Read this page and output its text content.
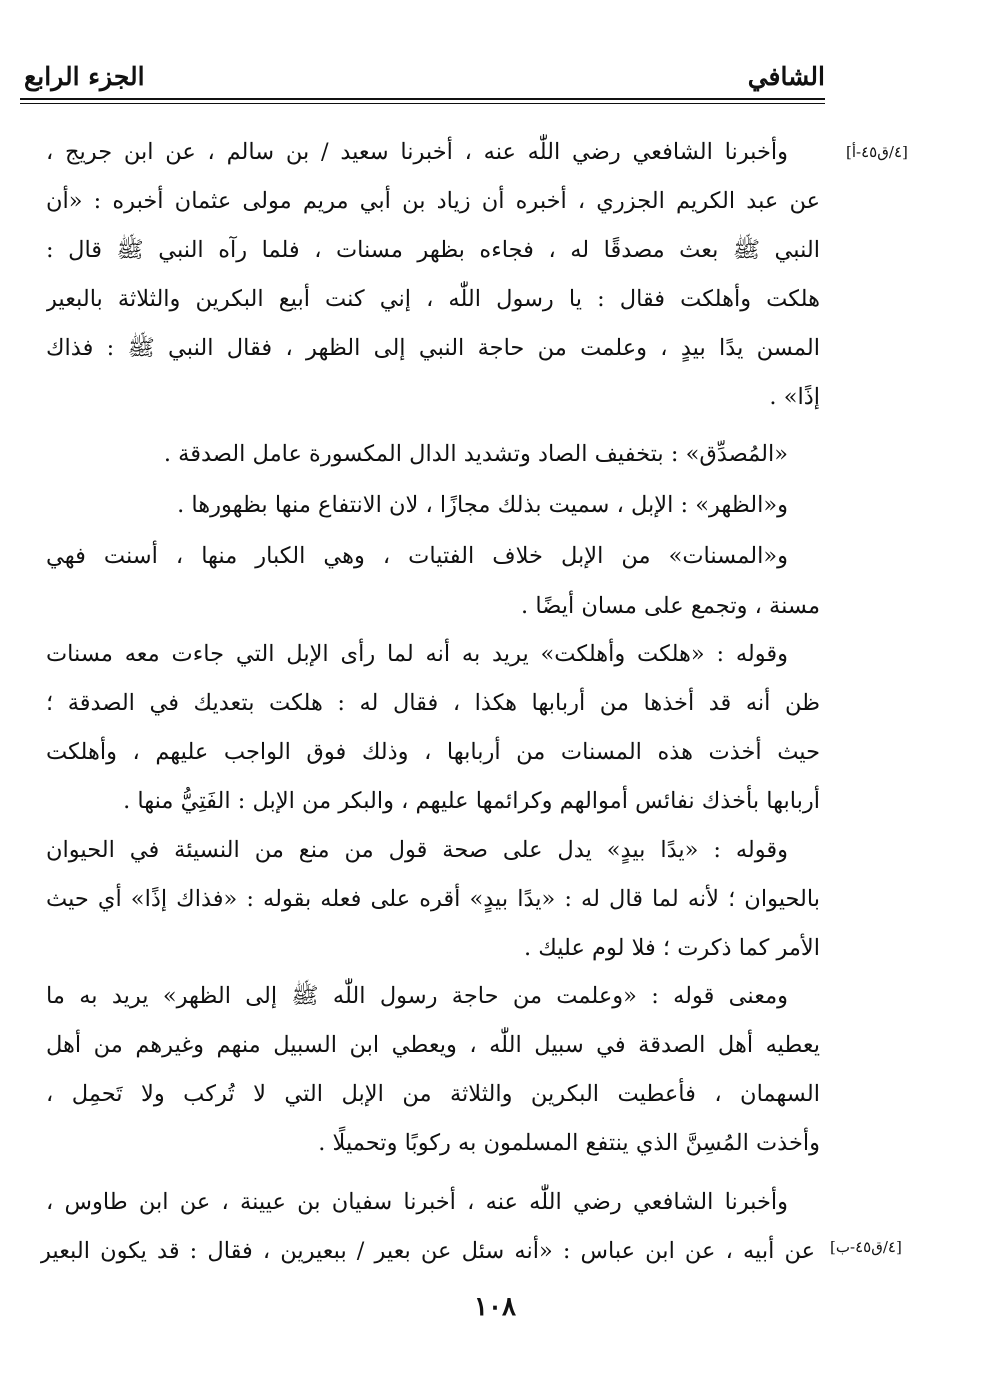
الشافي
الجزء الرابع
[٤/ق٤٥-أ]
[٤/ق٤٥-ب]
وأخبرنا الشافعي رضي اللّٰه عنه ، أخبرنا سعيد / بن سالم ، عن ابن جريج ،
عن عبد الكريم الجزري ، أخبره أن زياد بن أبي مريم مولى عثمان أخبره : «أن
النبي ﷺ بعث مصدقًا له ، فجاءه بظهر مسنات ، فلما رآه النبي ﷺ قال :
هلكت وأهلكت فقال : يا رسول اللّٰه ، إني كنت أبيع البكرين والثلاثة بالبعير
المسن يدًا بيدٍ ، وعلمت من حاجة النبي إلى الظهر ، فقال النبي ﷺ : فذاك
إذًا» .
«المُصدِّق» : بتخفيف الصاد وتشديد الدال المكسورة عامل الصدقة .
و«الظهر» : الإبل ، سميت بذلك مجازًا ، لان الانتفاع منها بظهورها .
و«المسنات» من الإبل خلاف الفتيات ، وهي الكبار منها ، أسنت فهي
مسنة ، وتجمع على مسان أيضًا .
وقوله : «هلكت وأهلكت» يريد به أنه لما رأى الإبل التي جاءت معه مسنات
ظن أنه قد أخذها من أربابها هكذا ، فقال له : هلكت بتعديك في الصدقة ؛
حيث أخذت هذه المسنات من أربابها ، وذلك فوق الواجب عليهم ، وأهلكت
أربابها بأخذك نفائس أموالهم وكرائمها عليهم ، والبكر من الإبل : الفَتِيُّ منها .
وقوله : «يدًا بيدٍ» يدل على صحة قول من منع من النسيئة في الحيوان
بالحيوان ؛ لأنه لما قال له : «يدًا بيدٍ» أقره على فعله بقوله : «فذاك إذًا» أي حيث
الأمر كما ذكرت ؛ فلا لوم عليك .
ومعنى قوله : «وعلمت من حاجة رسول اللّٰه ﷺ إلى الظهر» يريد به ما
يعطيه أهل الصدقة في سبيل اللّٰه ، ويعطي ابن السبيل منهم وغيرهم من أهل
السهمان ، فأعطيت البكرين والثلاثة من الإبل التي لا تُركب ولا تَحمِل ،
وأخذت المُسِنَّ الذي ينتفع المسلمون به ركوبًا وتحميلًا .
وأخبرنا الشافعي رضي اللّٰه عنه ، أخبرنا سفيان بن عيينة ، عن ابن طاوس ،
عن أبيه ، عن ابن عباس : «أنه سئل عن بعير / ببعيرين ، فقال : قد يكون البعير
١٠٨
